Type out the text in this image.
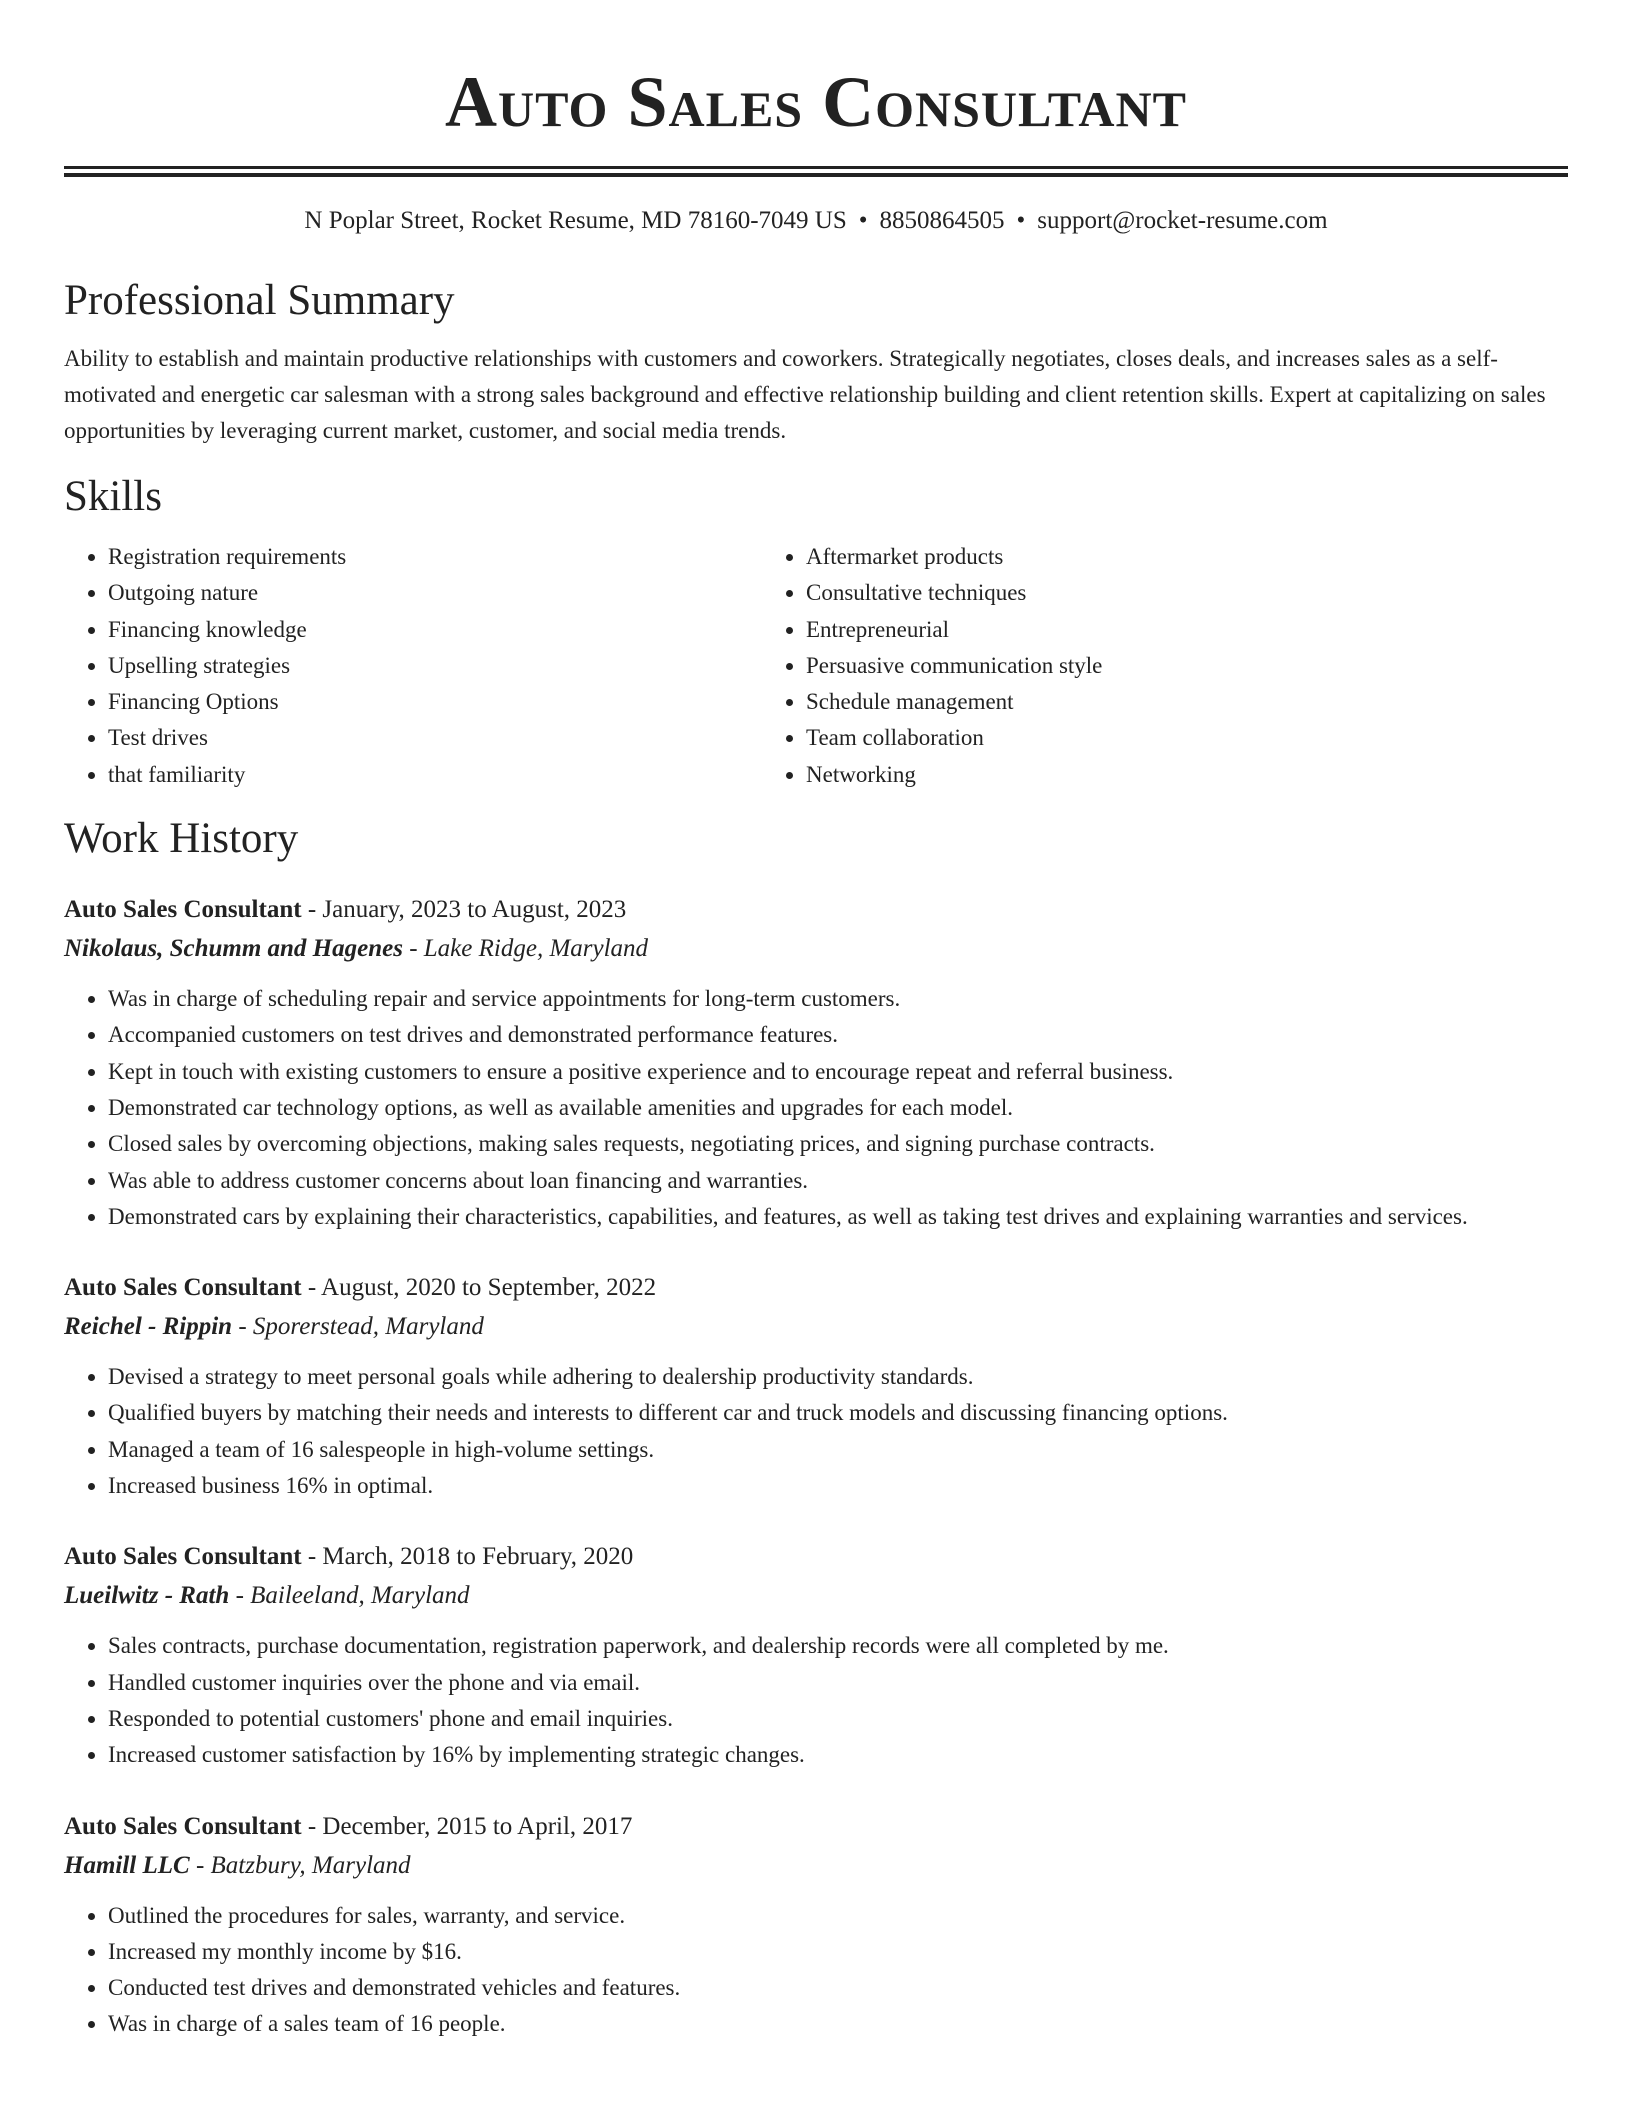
Auto Sales Consultant
N Poplar Street, Rocket Resume, MD 78160-7049 US • 8850864505 • support@rocket-resume.com
Professional Summary
Ability to establish and maintain productive relationships with customers and coworkers. Strategically negotiates, closes deals, and increases sales as a self-motivated and energetic car salesman with a strong sales background and effective relationship building and client retention skills. Expert at capitalizing on sales opportunities by leveraging current market, customer, and social media trends.
Skills
• Registration requirements
• Outgoing nature
• Financing knowledge
• Upselling strategies
• Financing Options
• Test drives
• that familiarity
• Aftermarket products
• Consultative techniques
• Entrepreneurial
• Persuasive communication style
• Schedule management
• Team collaboration
• Networking
Work History
Auto Sales Consultant - January, 2023 to August, 2023
Nikolaus, Schumm and Hagenes - Lake Ridge, Maryland
• Was in charge of scheduling repair and service appointments for long-term customers.
• Accompanied customers on test drives and demonstrated performance features.
• Kept in touch with existing customers to ensure a positive experience and to encourage repeat and referral business.
• Demonstrated car technology options, as well as available amenities and upgrades for each model.
• Closed sales by overcoming objections, making sales requests, negotiating prices, and signing purchase contracts.
• Was able to address customer concerns about loan financing and warranties.
• Demonstrated cars by explaining their characteristics, capabilities, and features, as well as taking test drives and explaining warranties and services.
Auto Sales Consultant - August, 2020 to September, 2022
Reichel - Rippin - Sporerstead, Maryland
• Devised a strategy to meet personal goals while adhering to dealership productivity standards.
• Qualified buyers by matching their needs and interests to different car and truck models and discussing financing options.
• Managed a team of 16 salespeople in high-volume settings.
• Increased business 16% in optimal.
Auto Sales Consultant - March, 2018 to February, 2020
Lueilwitz - Rath - Baileeland, Maryland
• Sales contracts, purchase documentation, registration paperwork, and dealership records were all completed by me.
• Handled customer inquiries over the phone and via email.
• Responded to potential customers' phone and email inquiries.
• Increased customer satisfaction by 16% by implementing strategic changes.
Auto Sales Consultant - December, 2015 to April, 2017
Hamill LLC - Batzbury, Maryland
• Outlined the procedures for sales, warranty, and service.
• Increased my monthly income by $16.
• Conducted test drives and demonstrated vehicles and features.
• Was in charge of a sales team of 16 people.
